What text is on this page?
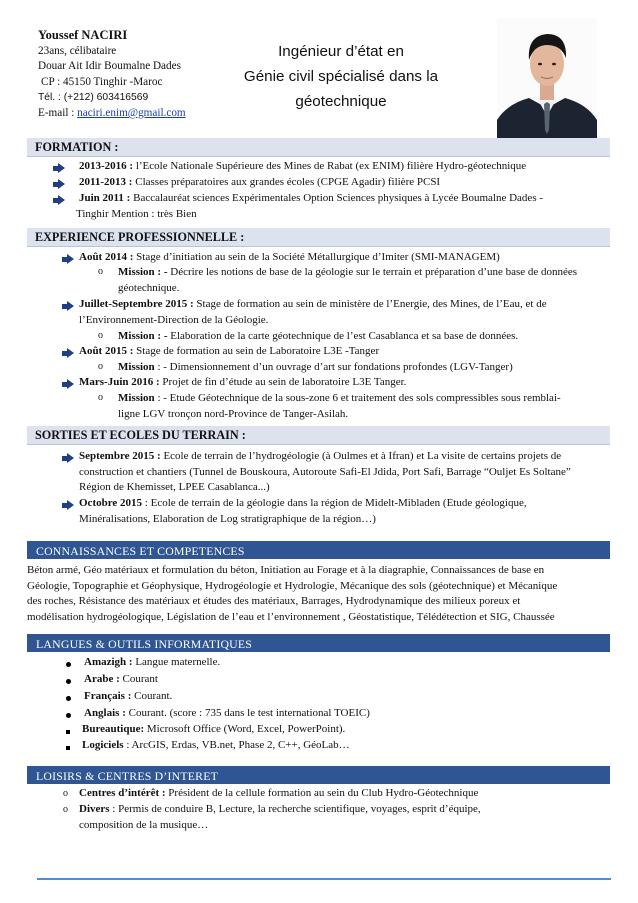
Youssef NACIRI
23ans, célibataire
Douar Ait Idir Boumalne Dades
CP : 45150 Tinghir -Maroc
Tél. : (+212) 603416569
E-mail : naciri.enim@gmail.com
Ingénieur d’état en
Génie civil spécialisé dans la
géotechnique
FORMATION :
2013-2016 : l’Ecole Nationale Supérieure des Mines de Rabat (ex ENIM) filière Hydro-géotechnique
2011-2013 : Classes préparatoires aux grandes écoles (CPGE Agadir) filière PCSI
Juin 2011 : Baccalauréat sciences Expérimentales Option Sciences physiques à Lycée Boumalne Dades -
Tinghir Mention : très Bien
EXPERIENCE PROFESSIONNELLE :
Août 2014 : Stage d’initiation au sein de la Société Métallurgique d’Imiter (SMI-MANAGEM)
o Mission : - Décrire les notions de base de la géologie sur le terrain et préparation d’une base de données
géotechnique.
Juillet-Septembre 2015 : Stage de formation au sein de ministère de l’Energie, des Mines, de l’Eau, et de
l’Environnement-Direction de la Géologie.
o Mission : - Elaboration de la carte géotechnique de l’est Casablanca et sa base de données.
Août 2015 : Stage de formation au sein de Laboratoire L3E -Tanger
o Mission : - Dimensionnement d’un ouvrage d’art sur fondations profondes (LGV-Tanger)
Mars-Juin 2016 : Projet de fin d’étude au sein de laboratoire L3E Tanger.
o Mission : - Etude Géotechnique de la sous-zone 6 et traitement des sols compressibles sous remblai-
ligne LGV tronçon nord-Province de Tanger-Asilah.
SORTIES ET ECOLES DU TERRAIN :
Septembre 2015 : Ecole de terrain de l’hydrogéologie (à Oulmes et à Ifran) et La visite de certains projets de
construction et chantiers (Tunnel de Bouskoura, Autoroute Safi-El Jdida, Port Safi, Barrage “Ouljet Es Soltane”
Région de Khemisset, LPEE Casablanca...)
Octobre 2015 : Ecole de terrain de la géologie dans la région de Midelt-Mibladen (Etude géologique,
Minéralisations, Elaboration de Log stratigraphique de la région…)
CONNAISSANCES ET COMPETENCES
Béton armé, Géo matériaux et formulation du béton, Initiation au Forage et à la diagraphie, Connaissances de base en
Géologie, Topographie et Géophysique, Hydrogéologie et Hydrologie, Mécanique des sols (géotechnique) et Mécanique
des roches, Résistance des matériaux et études des matériaux, Barrages, Hydrodynamique des milieux poreux et
modélisation hydrogéologique, Législation de l’eau et l’environnement , Géostatistique, Télédétection et SIG, Chaussée
LANGUES & OUTILS INFORMATIQUES
Amazigh : Langue maternelle.
Arabe : Courant
Français : Courant.
Anglais : Courant. (score : 735 dans le test international TOEIC)
Bureautique: Microsoft Office (Word, Excel, PowerPoint).
Logiciels : ArcGIS, Erdas, VB.net, Phase 2, C++, GéoLab…
LOISIRS & CENTRES D’INTERET
o Centres d’intérêt : Président de la cellule formation au sein du Club Hydro-Géotechnique
o Divers : Permis de conduire B, Lecture, la recherche scientifique, voyages, esprit d’équipe,
composition de la musique…
